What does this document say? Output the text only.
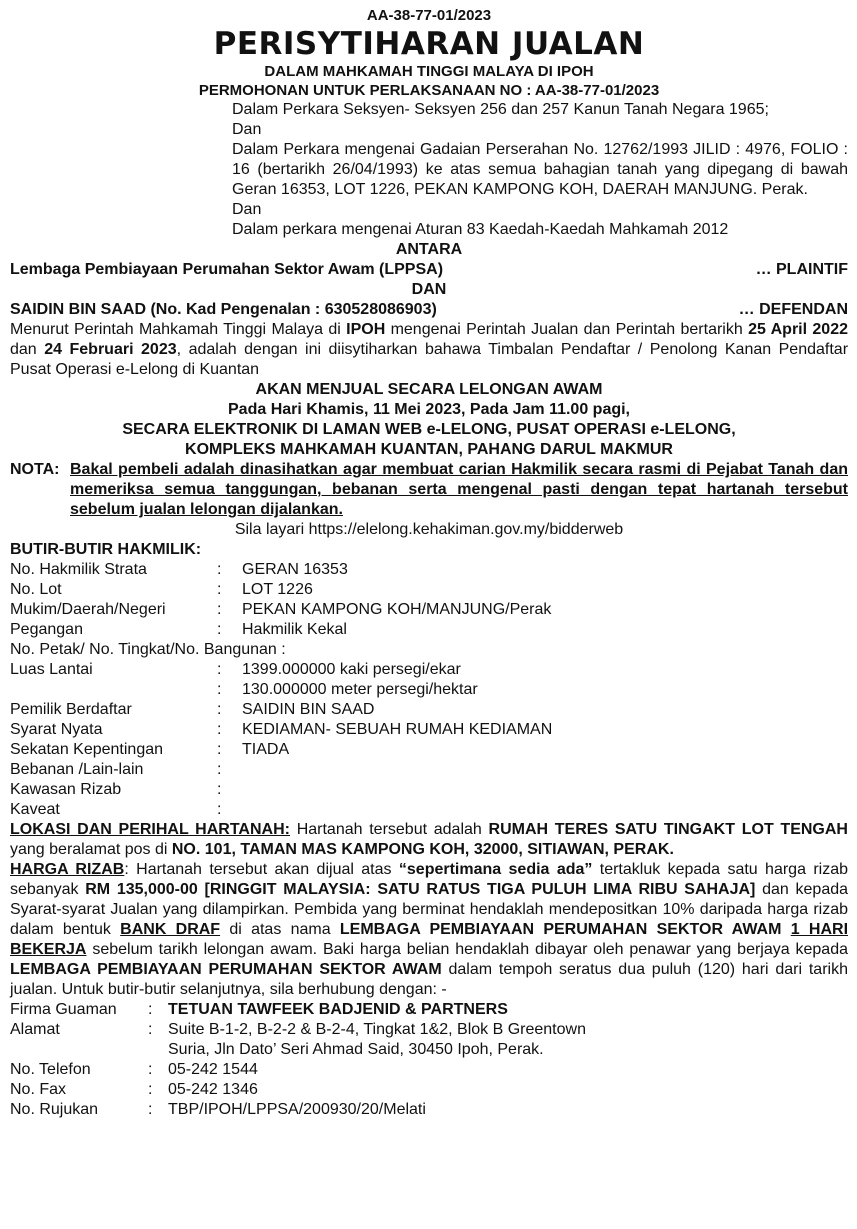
AA-38-77-01/2023
PERISYTIHARAN JUALAN
DALAM MAHKAMAH TINGGI MALAYA DI IPOH
PERMOHONAN UNTUK PERLAKSANAAN NO : AA-38-77-01/2023
Dalam Perkara Seksyen- Seksyen 256 dan 257 Kanun Tanah Negara 1965;
Dan
Dalam Perkara mengenai Gadaian Perserahan No. 12762/1993 JILID : 4976, FOLIO : 16 (bertarikh 26/04/1993) ke atas semua bahagian tanah yang dipegang di bawah Geran 16353, LOT 1226, PEKAN KAMPONG KOH, DAERAH MANJUNG. Perak.
Dan
Dalam perkara mengenai Aturan 83 Kaedah-Kaedah Mahkamah 2012
ANTARA
Lembaga Pembiayaan Perumahan Sektor Awam (LPPSA)	… PLAINTIF
DAN
SAIDIN BIN SAAD (No. Kad Pengenalan : 630528086903)	… DEFENDAN
Menurut Perintah Mahkamah Tinggi Malaya di IPOH mengenai Perintah Jualan dan Perintah bertarikh 25 April 2022 dan 24 Februari 2023, adalah dengan ini diisytiharkan bahawa Timbalan Pendaftar / Penolong Kanan Pendaftar Pusat Operasi e-Lelong di Kuantan
AKAN MENJUAL SECARA LELONGAN AWAM
Pada Hari Khamis, 11 Mei 2023, Pada Jam 11.00 pagi,
SECARA ELEKTRONIK DI LAMAN WEB e-LELONG, PUSAT OPERASI e-LELONG,
KOMPLEKS MAHKAMAH KUANTAN, PAHANG DARUL MAKMUR
NOTA: Bakal pembeli adalah dinasihatkan agar membuat carian Hakmilik secara rasmi di Pejabat Tanah dan memeriksa semua tanggungan, bebanan serta mengenal pasti dengan tepat hartanah tersebut sebelum jualan lelongan dijalankan.
Sila layari https://elelong.kehakiman.gov.my/bidderweb
BUTIR-BUTIR HAKMILIK:
No. Hakmilik Strata	:	GERAN 16353
No. Lot	:	LOT 1226
Mukim/Daerah/Negeri	:	PEKAN KAMPONG KOH/MANJUNG/Perak
Pegangan	:	Hakmilik Kekal
No. Petak/ No. Tingkat/No. Bangunan :
Luas Lantai	:	1399.000000 kaki persegi/ekar
:	130.000000 meter persegi/hektar
Pemilik Berdaftar	:	SAIDIN BIN SAAD
Syarat Nyata	:	KEDIAMAN- SEBUAH RUMAH KEDIAMAN
Sekatan Kepentingan	:	TIADA
Bebanan /Lain-lain	:
Kawasan Rizab	:
Kaveat	:
LOKASI DAN PERIHAL HARTANAH: Hartanah tersebut adalah RUMAH TERES SATU TINGAKT LOT TENGAH yang beralamat pos di NO. 101, TAMAN MAS KAMPONG KOH, 32000, SITIAWAN, PERAK.
HARGA RIZAB: Hartanah tersebut akan dijual atas “sepertimana sedia ada” tertakluk kepada satu harga rizab sebanyak RM 135,000-00 [RINGGIT MALAYSIA: SATU RATUS TIGA PULUH LIMA RIBU SAHAJA] dan kepada Syarat-syarat Jualan yang dilampirkan. Pembida yang berminat hendaklah mendepositkan 10% daripada harga rizab dalam bentuk BANK DRAF di atas nama LEMBAGA PEMBIAYAAN PERUMAHAN SEKTOR AWAM 1 HARI BEKERJA sebelum tarikh lelongan awam. Baki harga belian hendaklah dibayar oleh penawar yang berjaya kepada LEMBAGA PEMBIAYAAN PERUMAHAN SEKTOR AWAM dalam tempoh seratus dua puluh (120) hari dari tarikh jualan. Untuk butir-butir selanjutnya, sila berhubung dengan: -
Firma Guaman	: TETUAN TAWFEEK BADJENID & PARTNERS
Alamat	: Suite B-1-2, B-2-2 & B-2-4, Tingkat 1&2, Blok B Greentown
Suria, Jln Dato’ Seri Ahmad Said, 30450 Ipoh, Perak.
No. Telefon	: 05-242 1544
No. Fax	: 05-242 1346
No. Rujukan	: TBP/IPOH/LPPSA/200930/20/Melati
